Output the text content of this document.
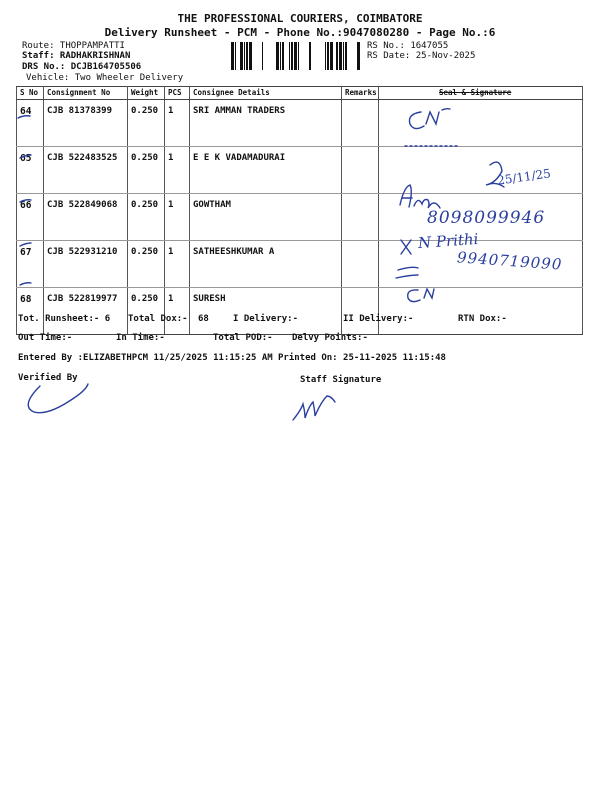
THE PROFESSIONAL COURIERS, COIMBATORE
Delivery Runsheet - PCM - Phone No.:9047080280 - Page No.:6
Route: THOPPAMPATTI
Staff: RADHAKRISHNAN
DRS No.: DCJB164705506
Vehicle: Two Wheeler Delivery
RS No.: 1647055
RS Date: 25-Nov-2025
S No	Consignment No	Weight	PCS	Consignee Details	Remarks	Seal & Signature
64	CJB 81378399	0.250	1	SRI AMMAN TRADERS		
65	CJB 522483525	0.250	1	E E K VADAMADURAI		
66	CJB 522849068	0.250	1	GOWTHAM		
67	CJB 522931210	0.250	1	SATHEESHKUMAR A		
68	CJB 522819977	0.250	1	SURESH		
25/11/25
8098099946
N Prithi
9940719090
Tot. Runsheet:- 6 Total Dox:- 68	I Delivery:-	II Delivery:-	RTN Dox:-
Out Time:-	In Time:-	Total POD:- Delvy Points:-
Entered By :ELIZABETHPCM 11/25/2025 11:15:25 AM Printed On: 25-11-2025 11:15:48
Verified By	Staff Signature
